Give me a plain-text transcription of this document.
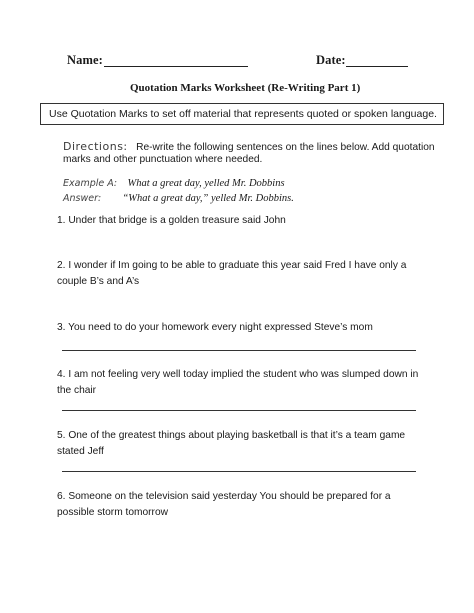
Name:	Date:
Quotation Marks Worksheet (Re-Writing Part 1)
Use Quotation Marks to set off material that represents quoted or spoken language.
Directions: Re-write the following sentences on the lines below. Add quotation
marks and other punctuation where needed.
Example A: What a great day, yelled Mr. Dobbins
Answer: “What a great day,” yelled Mr. Dobbins.
1. Under that bridge is a golden treasure said John
2. I wonder if Im going to be able to graduate this year said Fred I have only a
couple B’s and A’s
3. You need to do your homework every night expressed Steve’s mom
4. I am not feeling very well today implied the student who was slumped down in
the chair
5. One of the greatest things about playing basketball is that it’s a team game
stated Jeff
6. Someone on the television said yesterday You should be prepared for a
possible storm tomorrow
